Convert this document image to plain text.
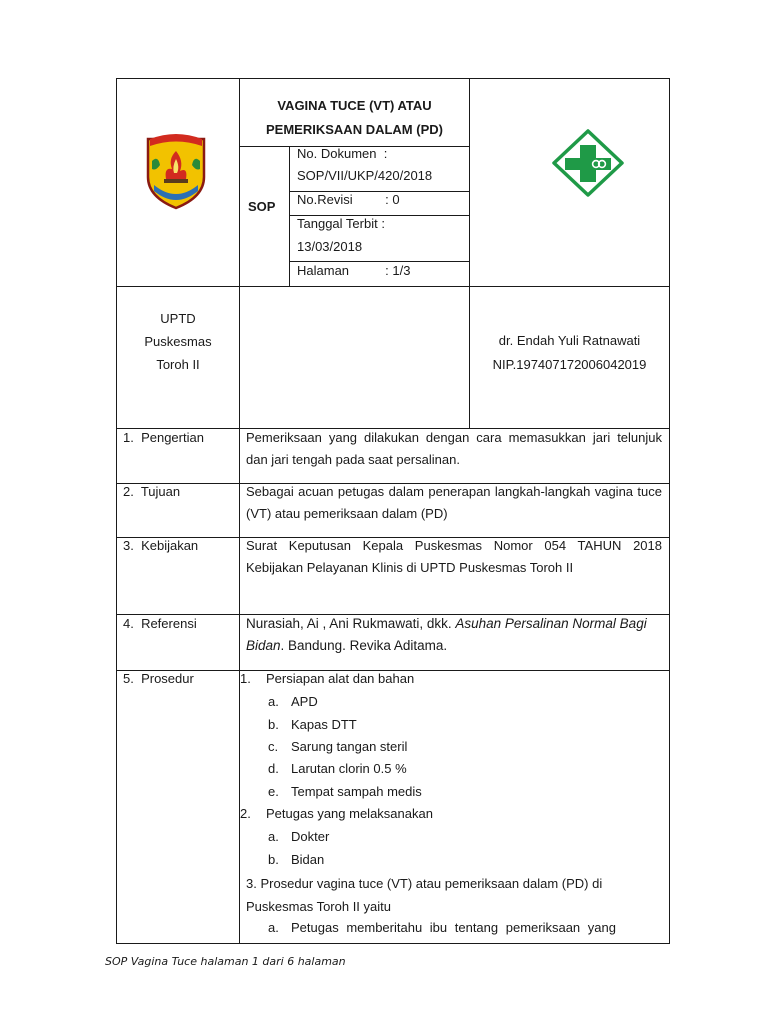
VAGINA TUCE (VT) ATAU
PEMERIKSAAN DALAM (PD)
SOP
No. Dokumen  :
SOP/VII/UKP/420/2018
No.Revisi         : 0
Tanggal Terbit :
13/03/2018
Halaman          : 1/3
UPTD
Puskesmas
Toroh II
dr. Endah Yuli Ratnawati
NIP.197407172006042019
1.  Pengertian	Pemeriksaan yang dilakukan dengan cara memasukkan jari telunjuk dan jari tengah pada saat persalinan.
2.  Tujuan	Sebagai acuan petugas dalam penerapan langkah-langkah vagina tuce (VT) atau pemeriksaan dalam (PD)
3.  Kebijakan	Surat Keputusan Kepala Puskesmas Nomor 054 TAHUN 2018 Kebijakan Pelayanan Klinis di UPTD Puskesmas Toroh II
4.  Referensi	Nurasiah, Ai , Ani Rukmawati, dkk. Asuhan Persalinan Normal Bagi Bidan. Bandung. Revika Aditama.
5.  Prosedur	1. Persiapan alat dan bahan
a. APD
b. Kapas DTT
c. Sarung tangan steril
d. Larutan clorin 0.5 %
e. Tempat sampah medis
2. Petugas yang melaksanakan
a. Dokter
b. Bidan
3. Prosedur vagina tuce (VT) atau pemeriksaan dalam (PD) di Puskesmas Toroh II yaitu
a. Petugas memberitahu ibu tentang pemeriksaan yang
SOP Vagina Tuce halaman 1 dari 6 halaman
